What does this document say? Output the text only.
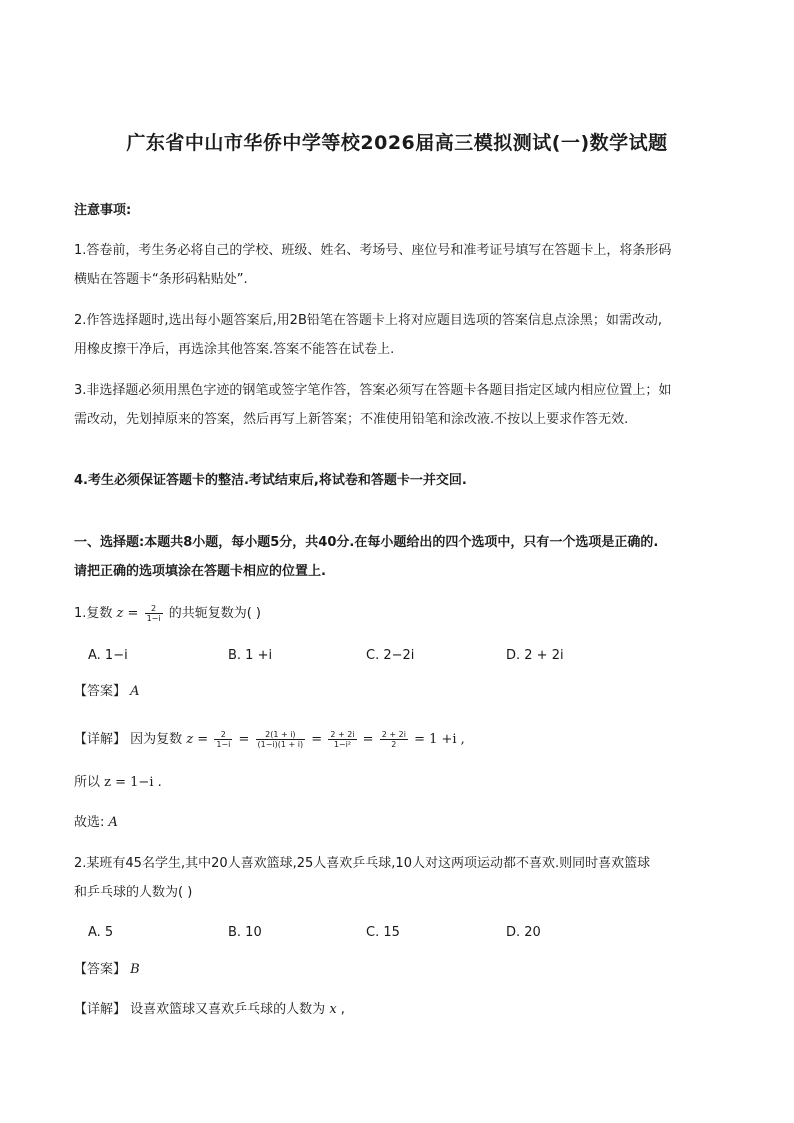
广东省中山市华侨中学等校2026届高三模拟测试(一)数学试题
注意事项:
1.答卷前，考生务必将自己的学校、班级、姓名、考场号、座位号和准考证号填写在答题卡上，将条形码
横贴在答题卡“条形码粘贴处”.
2.作答选择题时,选出每小题答案后,用2B铅笔在答题卡上将对应题目选项的答案信息点涂黑；如需改动,
用橡皮擦干净后，再选涂其他答案.答案不能答在试卷上.
3.非选择题必须用黑色字迹的钢笔或签字笔作答，答案必须写在答题卡各题目指定区域内相应位置上；如
需改动，先划掉原来的答案，然后再写上新答案；不准使用铅笔和涂改液.不按以上要求作答无效.
4.考生必须保证答题卡的整洁.考试结束后,将试卷和答题卡一并交回.
一、选择题:本题共8小题，每小题5分，共40分.在每小题给出的四个选项中，只有一个选项是正确的.
请把正确的选项填涂在答题卡相应的位置上.
1.复数 $z = \frac{2}{1-i}$ 的共轭复数为( )
A. 1−i	B. 1 +i	C. 2−2i	D. 2 + 2i
【答案】 A
【详解】 因为复数 $z = \frac{2}{1-i} = \frac{2(1 + i)}{(1-i)(1 + i)} = \frac{2 + 2i}{\text{1−i²}} = \frac{2 + 2i}{2} = 1 +i$ ,
所以 z = 1−i .
故选: A
2.某班有45名学生,其中20人喜欢篮球,25人喜欢乒乓球,10人对这两项运动都不喜欢.则同时喜欢篮球
和乒乓球的人数为( )
A. 5	B. 10	C. 15	D. 20
【答案】 B
【详解】 设喜欢篮球又喜欢乒乓球的人数为 x ,
